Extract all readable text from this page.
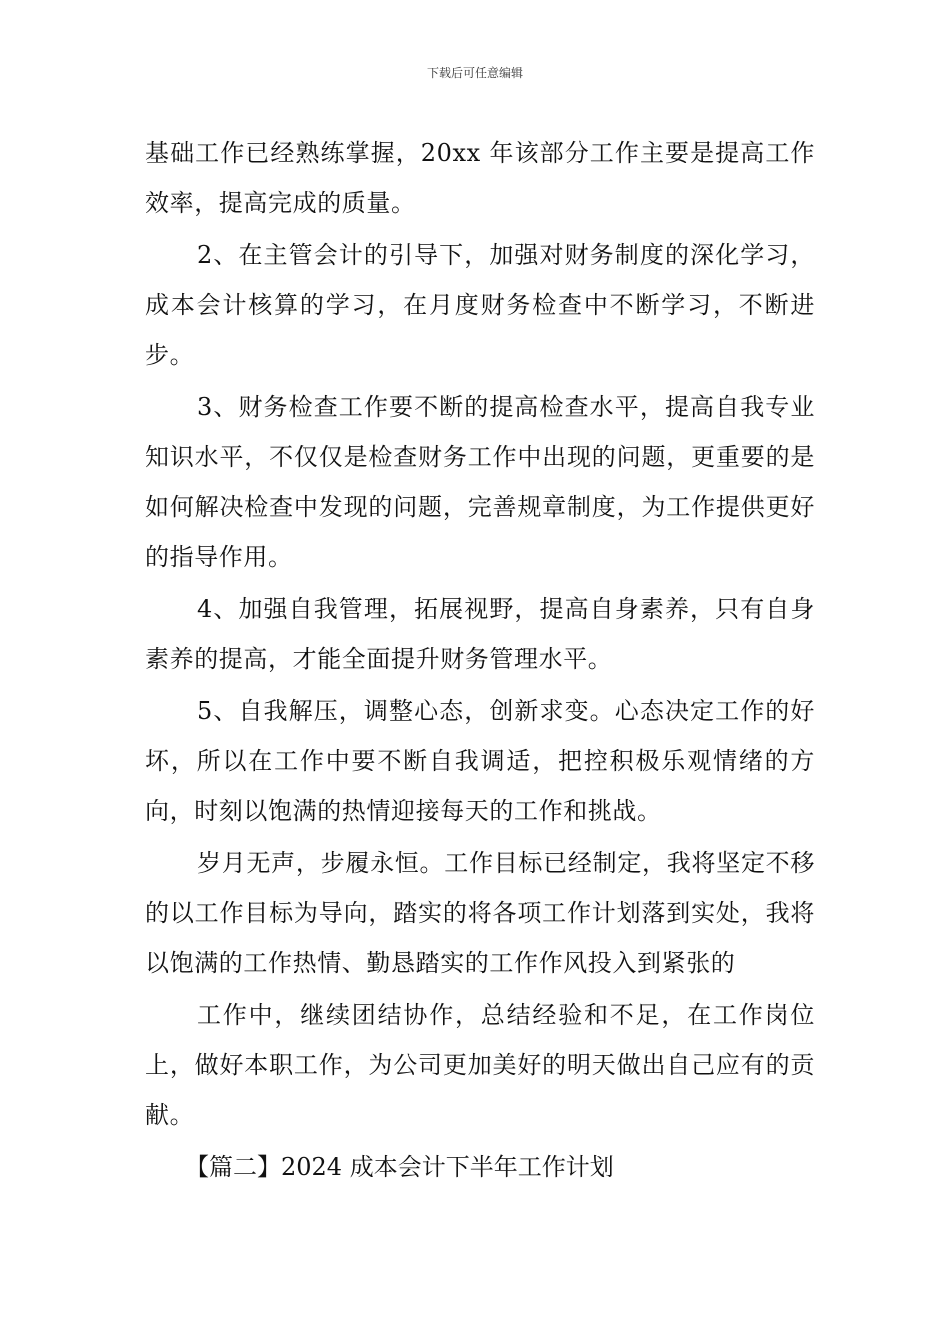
下载后可任意编辑

基础工作已经熟练掌握，20xx 年该部分工作主要是提高工作效率，提高完成的质量。

2、在主管会计的引导下，加强对财务制度的深化学习，成本会计核算的学习，在月度财务检查中不断学习，不断进步。

3、财务检查工作要不断的提高检查水平，提高自我专业知识水平，不仅仅是检查财务工作中出现的问题，更重要的是如何解决检查中发现的问题，完善规章制度，为工作提供更好的指导作用。

4、加强自我管理，拓展视野，提高自身素养，只有自身素养的提高，才能全面提升财务管理水平。

5、自我解压，调整心态，创新求变。心态决定工作的好坏，所以在工作中要不断自我调适，把控积极乐观情绪的方向，时刻以饱满的热情迎接每天的工作和挑战。

岁月无声，步履永恒。工作目标已经制定，我将坚定不移的以工作目标为导向，踏实的将各项工作计划落到实处，我将以饱满的工作热情、勤恳踏实的工作作风投入到紧张的

工作中，继续团结协作，总结经验和不足，在工作岗位上，做好本职工作，为公司更加美好的明天做出自己应有的贡献。

【篇二】2024 成本会计下半年工作计划
